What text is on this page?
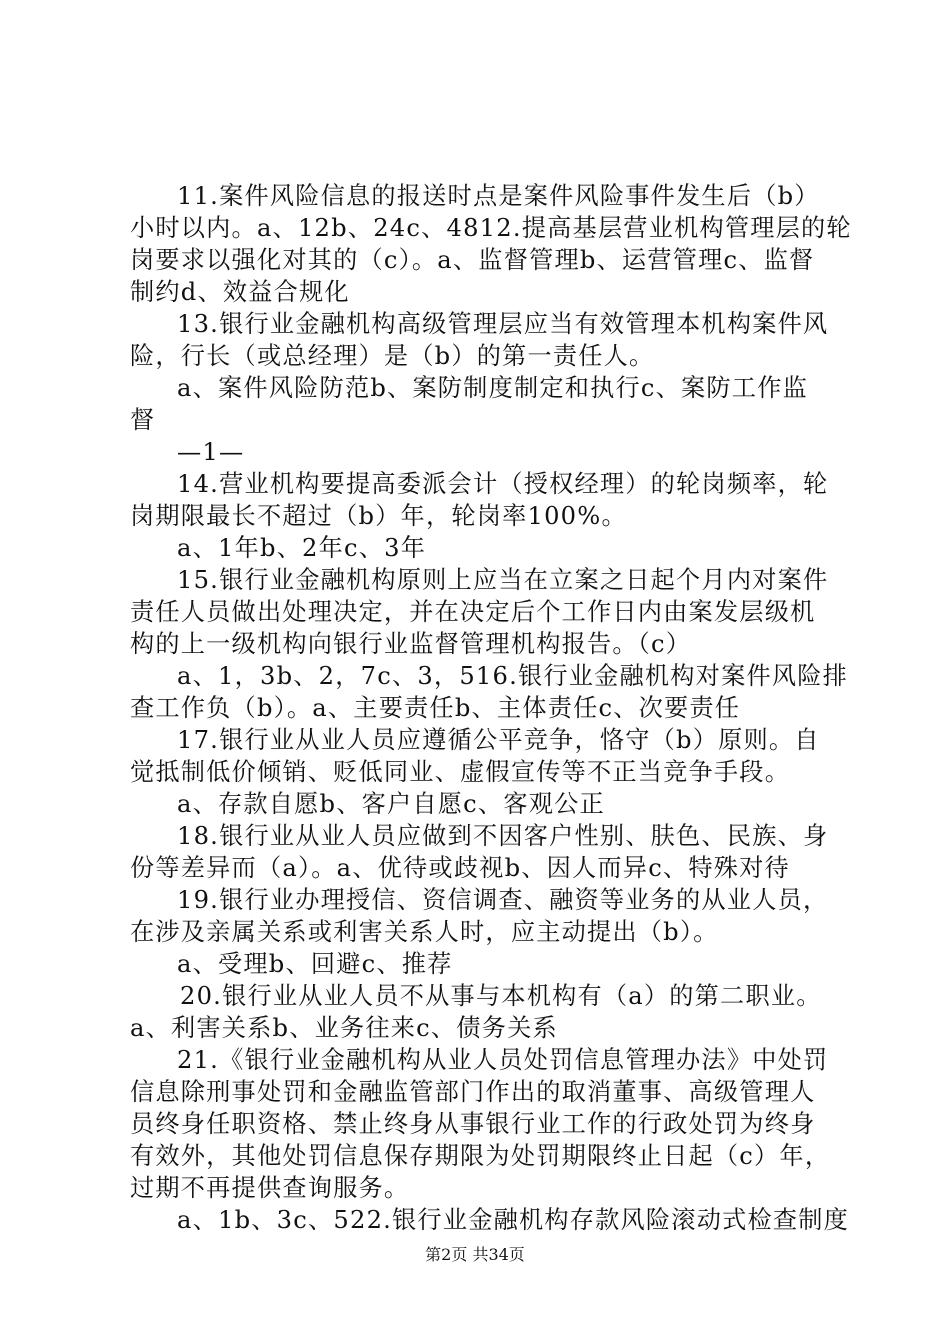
11.案件风险信息的报送时点是案件风险事件发生后（b）
小时以内。a、12b、24c、4812.提高基层营业机构管理层的轮
岗要求以强化对其的（c）。a、监督管理b、运营管理c、监督
制约d、效益合规化
13.银行业金融机构高级管理层应当有效管理本机构案件风
险，行长（或总经理）是（b）的第一责任人。
a、案件风险防范b、案防制度制定和执行c、案防工作监
督
—1—
14.营业机构要提高委派会计（授权经理）的轮岗频率，轮
岗期限最长不超过（b）年，轮岗率100%。
a、1年b、2年c、3年
15.银行业金融机构原则上应当在立案之日起个月内对案件
责任人员做出处理决定，并在决定后个工作日内由案发层级机
构的上一级机构向银行业监督管理机构报告。（c）
a、1，3b、2，7c、3，516.银行业金融机构对案件风险排
查工作负（b）。a、主要责任b、主体责任c、次要责任
17.银行业从业人员应遵循公平竞争，恪守（b）原则。自
觉抵制低价倾销、贬低同业、虚假宣传等不正当竞争手段。
a、存款自愿b、客户自愿c、客观公正
18.银行业从业人员应做到不因客户性别、肤色、民族、身
份等差异而（a）。a、优待或歧视b、因人而异c、特殊对待
19.银行业办理授信、资信调查、融资等业务的从业人员，
在涉及亲属关系或利害关系人时，应主动提出（b）。
a、受理b、回避c、推荐
20.银行业从业人员不从事与本机构有（a）的第二职业。
a、利害关系b、业务往来c、债务关系
21.《银行业金融机构从业人员处罚信息管理办法》中处罚
信息除刑事处罚和金融监管部门作出的取消董事、高级管理人
员终身任职资格、禁止终身从事银行业工作的行政处罚为终身
有效外，其他处罚信息保存期限为处罚期限终止日起（c）年，
过期不再提供查询服务。
a、1b、3c、522.银行业金融机构存款风险滚动式检查制度
第2页 共34页
